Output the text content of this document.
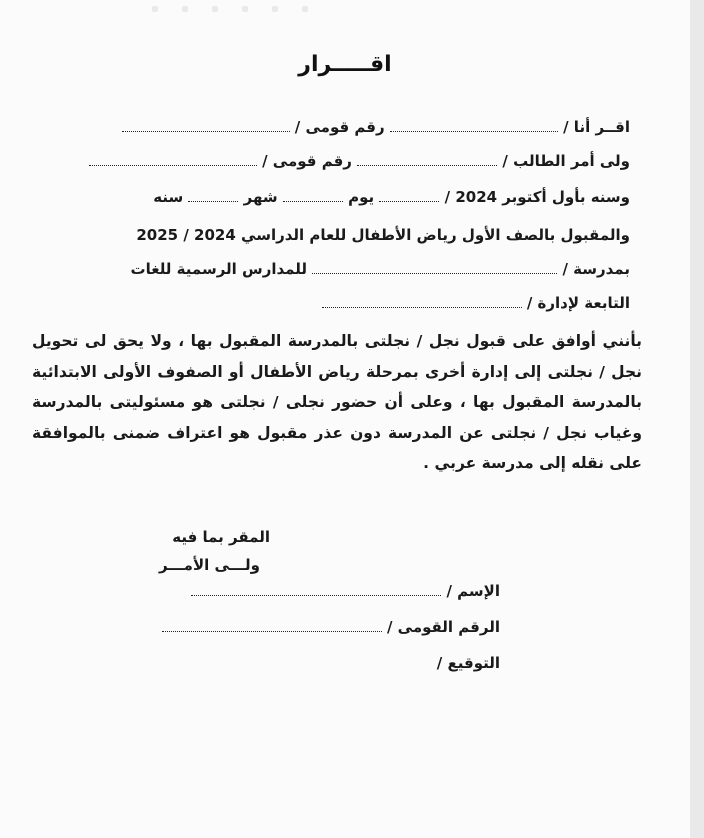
اقـــــرار
اقــر أنا /  رقم قومى /
ولى أمر الطالب /  رقم قومى /
وسنه بأول أكتوبر 2024 /  يوم  شهر  سنه
والمقبول بالصف الأول رياض الأطفال للعام الدراسي 2024 / 2025
بمدرسة /  للمدارس الرسمية للغات
التابعة لإدارة /
بأنني أوافق على قبول نجل / نجلتى بالمدرسة المقبول بها ، ولا يحق لى تحويل نجل / نجلتى إلى إدارة أخرى بمرحلة رياض الأطفال أو الصفوف الأولى الابتدائية بالمدرسة المقبول بها ، وعلى أن حضور نجلى / نجلتى هو مسئوليتى بالمدرسة وغياب نجل / نجلتى عن المدرسة دون عذر مقبول هو اعتراف ضمنى بالموافقة على نقله إلى مدرسة عربي .
المقر بما فيه
ولـــى الأمـــر
الإسم /
الرقم القومى /
التوقيع /
